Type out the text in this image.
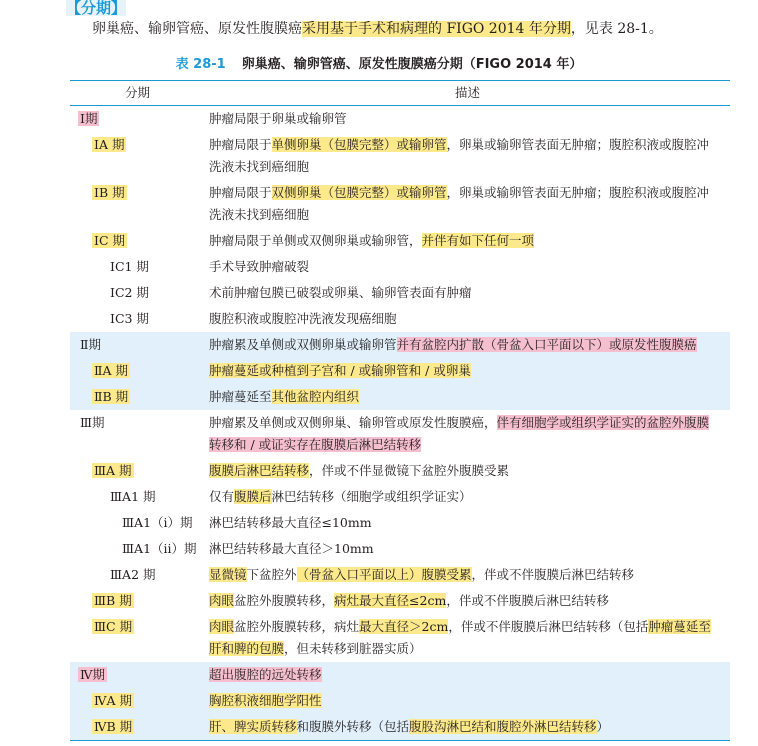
【分期】
卵巢癌、输卵管癌、原发性腹膜癌采用基于手术和病理的 FIGO 2014 年分期，见表 28-1。
表 28-1 卵巢癌、输卵管癌、原发性腹膜癌分期（FIGO 2014 年）
分期	描述
Ⅰ期	肿瘤局限于卵巢或输卵管
ⅠA 期	肿瘤局限于单侧卵巢（包膜完整）或输卵管，卵巢或输卵管表面无肿瘤；腹腔积液或腹腔冲洗液未找到癌细胞
ⅠB 期	肿瘤局限于双侧卵巢（包膜完整）或输卵管，卵巢或输卵管表面无肿瘤；腹腔积液或腹腔冲洗液未找到癌细胞
ⅠC 期	肿瘤局限于单侧或双侧卵巢或输卵管，并伴有如下任何一项
ⅠC1 期	手术导致肿瘤破裂
ⅠC2 期	术前肿瘤包膜已破裂或卵巢、输卵管表面有肿瘤
ⅠC3 期	腹腔积液或腹腔冲洗液发现癌细胞
Ⅱ期	肿瘤累及单侧或双侧卵巢或输卵管并有盆腔内扩散（骨盆入口平面以下）或原发性腹膜癌
ⅡA 期	肿瘤蔓延或种植到子宫和 / 或输卵管和 / 或卵巢
ⅡB 期	肿瘤蔓延至其他盆腔内组织
Ⅲ期	肿瘤累及单侧或双侧卵巢、输卵管或原发性腹膜癌，伴有细胞学或组织学证实的盆腔外腹膜转移和 / 或证实存在腹膜后淋巴结转移
ⅢA 期	腹膜后淋巴结转移，伴或不伴显微镜下盆腔外腹膜受累
ⅢA1 期	仅有腹膜后淋巴结转移（细胞学或组织学证实）
ⅢA1（ⅰ）期	淋巴结转移最大直径≤10mm
ⅢA1（ⅱ）期	淋巴结转移最大直径＞10mm
ⅢA2 期	显微镜下盆腔外（骨盆入口平面以上）腹膜受累，伴或不伴腹膜后淋巴结转移
ⅢB 期	肉眼盆腔外腹膜转移，病灶最大直径≤2cm，伴或不伴腹膜后淋巴结转移
ⅢC 期	肉眼盆腔外腹膜转移，病灶最大直径＞2cm，伴或不伴腹膜后淋巴结转移（包括肿瘤蔓延至肝和脾的包膜，但未转移到脏器实质）
Ⅳ期	超出腹腔的远处转移
ⅣA 期	胸腔积液细胞学阳性
ⅣB 期	肝、脾实质转移和腹膜外转移（包括腹股沟淋巴结和腹腔外淋巴结转移）
